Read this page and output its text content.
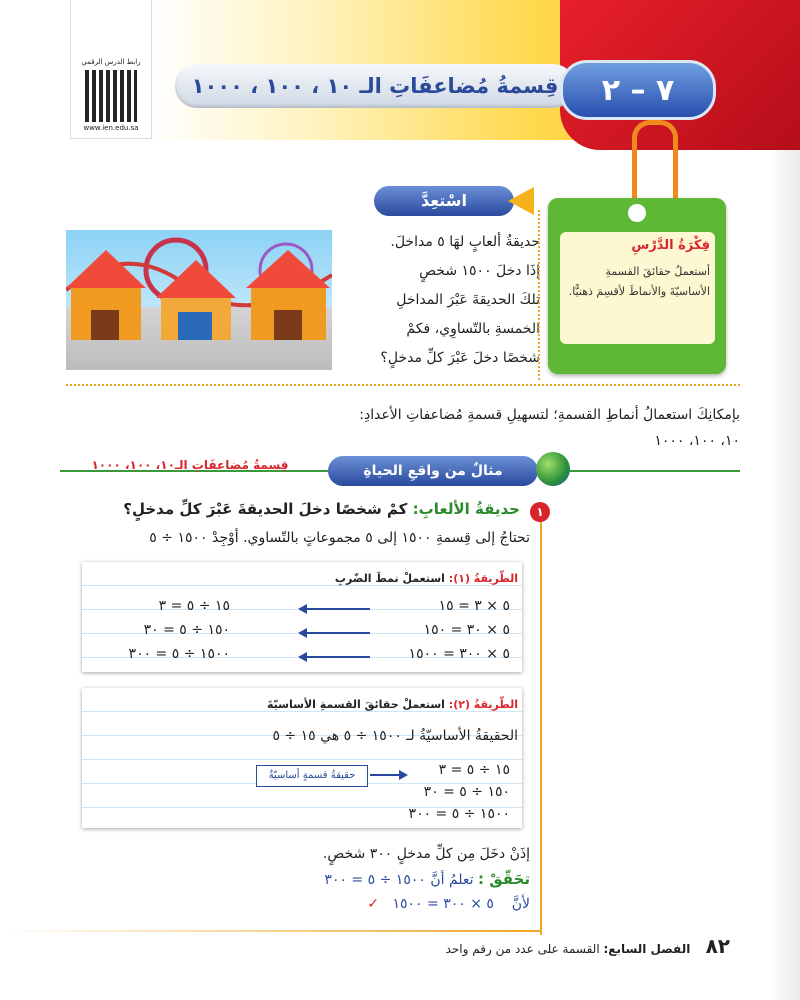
رابط الدرس الرقمي
www.ien.edu.sa
قِسمةُ مُضاعفَاتِ الـ ١٠ ، ١٠٠ ، ١٠٠٠	٧ – ٢
فِكْرَةُ الدَّرْسِ
أستعملُ حقائقَ القسمةِ الأساسيّةَ والأنماطَ لأقسِمَ ذهنيًّا.
اسْتعِدَّ
حديقةُ ألعابٍ لهَا ٥ مداخلَ.
إذَا دخلَ ١٥٠٠ شخصٍ
تلكَ الحديقةَ عَبْرَ المداخلِ
الخمسةِ بالتّساوِي، فكمْ
شخصًا دخلَ عَبْرَ كلِّ مدخلٍ؟
بإمكانِكَ استعمالُ أنماطِ القسمةِ؛ لتسهيلِ قسمةِ مُضاعفاتِ الأعدادِ:
١٠، ١٠٠، ١٠٠٠
مثالٌ من واقعِ الحياةِ
قِسمةُ مُضاعفَاتِ الـ١٠، ١٠٠، ١٠٠٠
١
حديقةُ الألعابِ: كمْ شخصًا دخلَ الحديقةَ عَبْرَ كلِّ مدخلٍ؟
تحتاجُ إلى قِسمةِ ١٥٠٠ إلى ٥ مجموعاتٍ بالتّساوي. أوْجِدْ ١٥٠٠ ÷ ٥
الطّريقةُ (١): استعملْ نمطَ الضّربِ
٥ × ٣ = ١٥
١٥ ÷ ٥ = ٣
٥ × ٣٠ = ١٥٠
١٥٠ ÷ ٥ = ٣٠
٥ × ٣٠٠ = ١٥٠٠
١٥٠٠ ÷ ٥ = ٣٠٠
الطّريقةُ (٢): استعملْ حقائقَ القسمةِ الأساسيّةَ
الحقيقةُ الأساسيّةُ لـ ١٥٠٠ ÷ ٥ هي ١٥ ÷ ٥
١٥ ÷ ٥ = ٣
١٥٠ ÷ ٥ = ٣٠
١٥٠٠ ÷ ٥ = ٣٠٠
حقيقةُ قسمةٍ أساسيّةٌ
إذَنْ دخَلَ مِن كلِّ مدخلٍ ٣٠٠ شخصٍ.
تحَقّقْ : تعلمُ أنَّ ١٥٠٠ ÷ ٥ = ٣٠٠
لأنَّ    ٥ × ٣٠٠ = ١٥٠٠   ✓
٨٢    الفصل السابع: القسمة على عدد من رقم واحد
